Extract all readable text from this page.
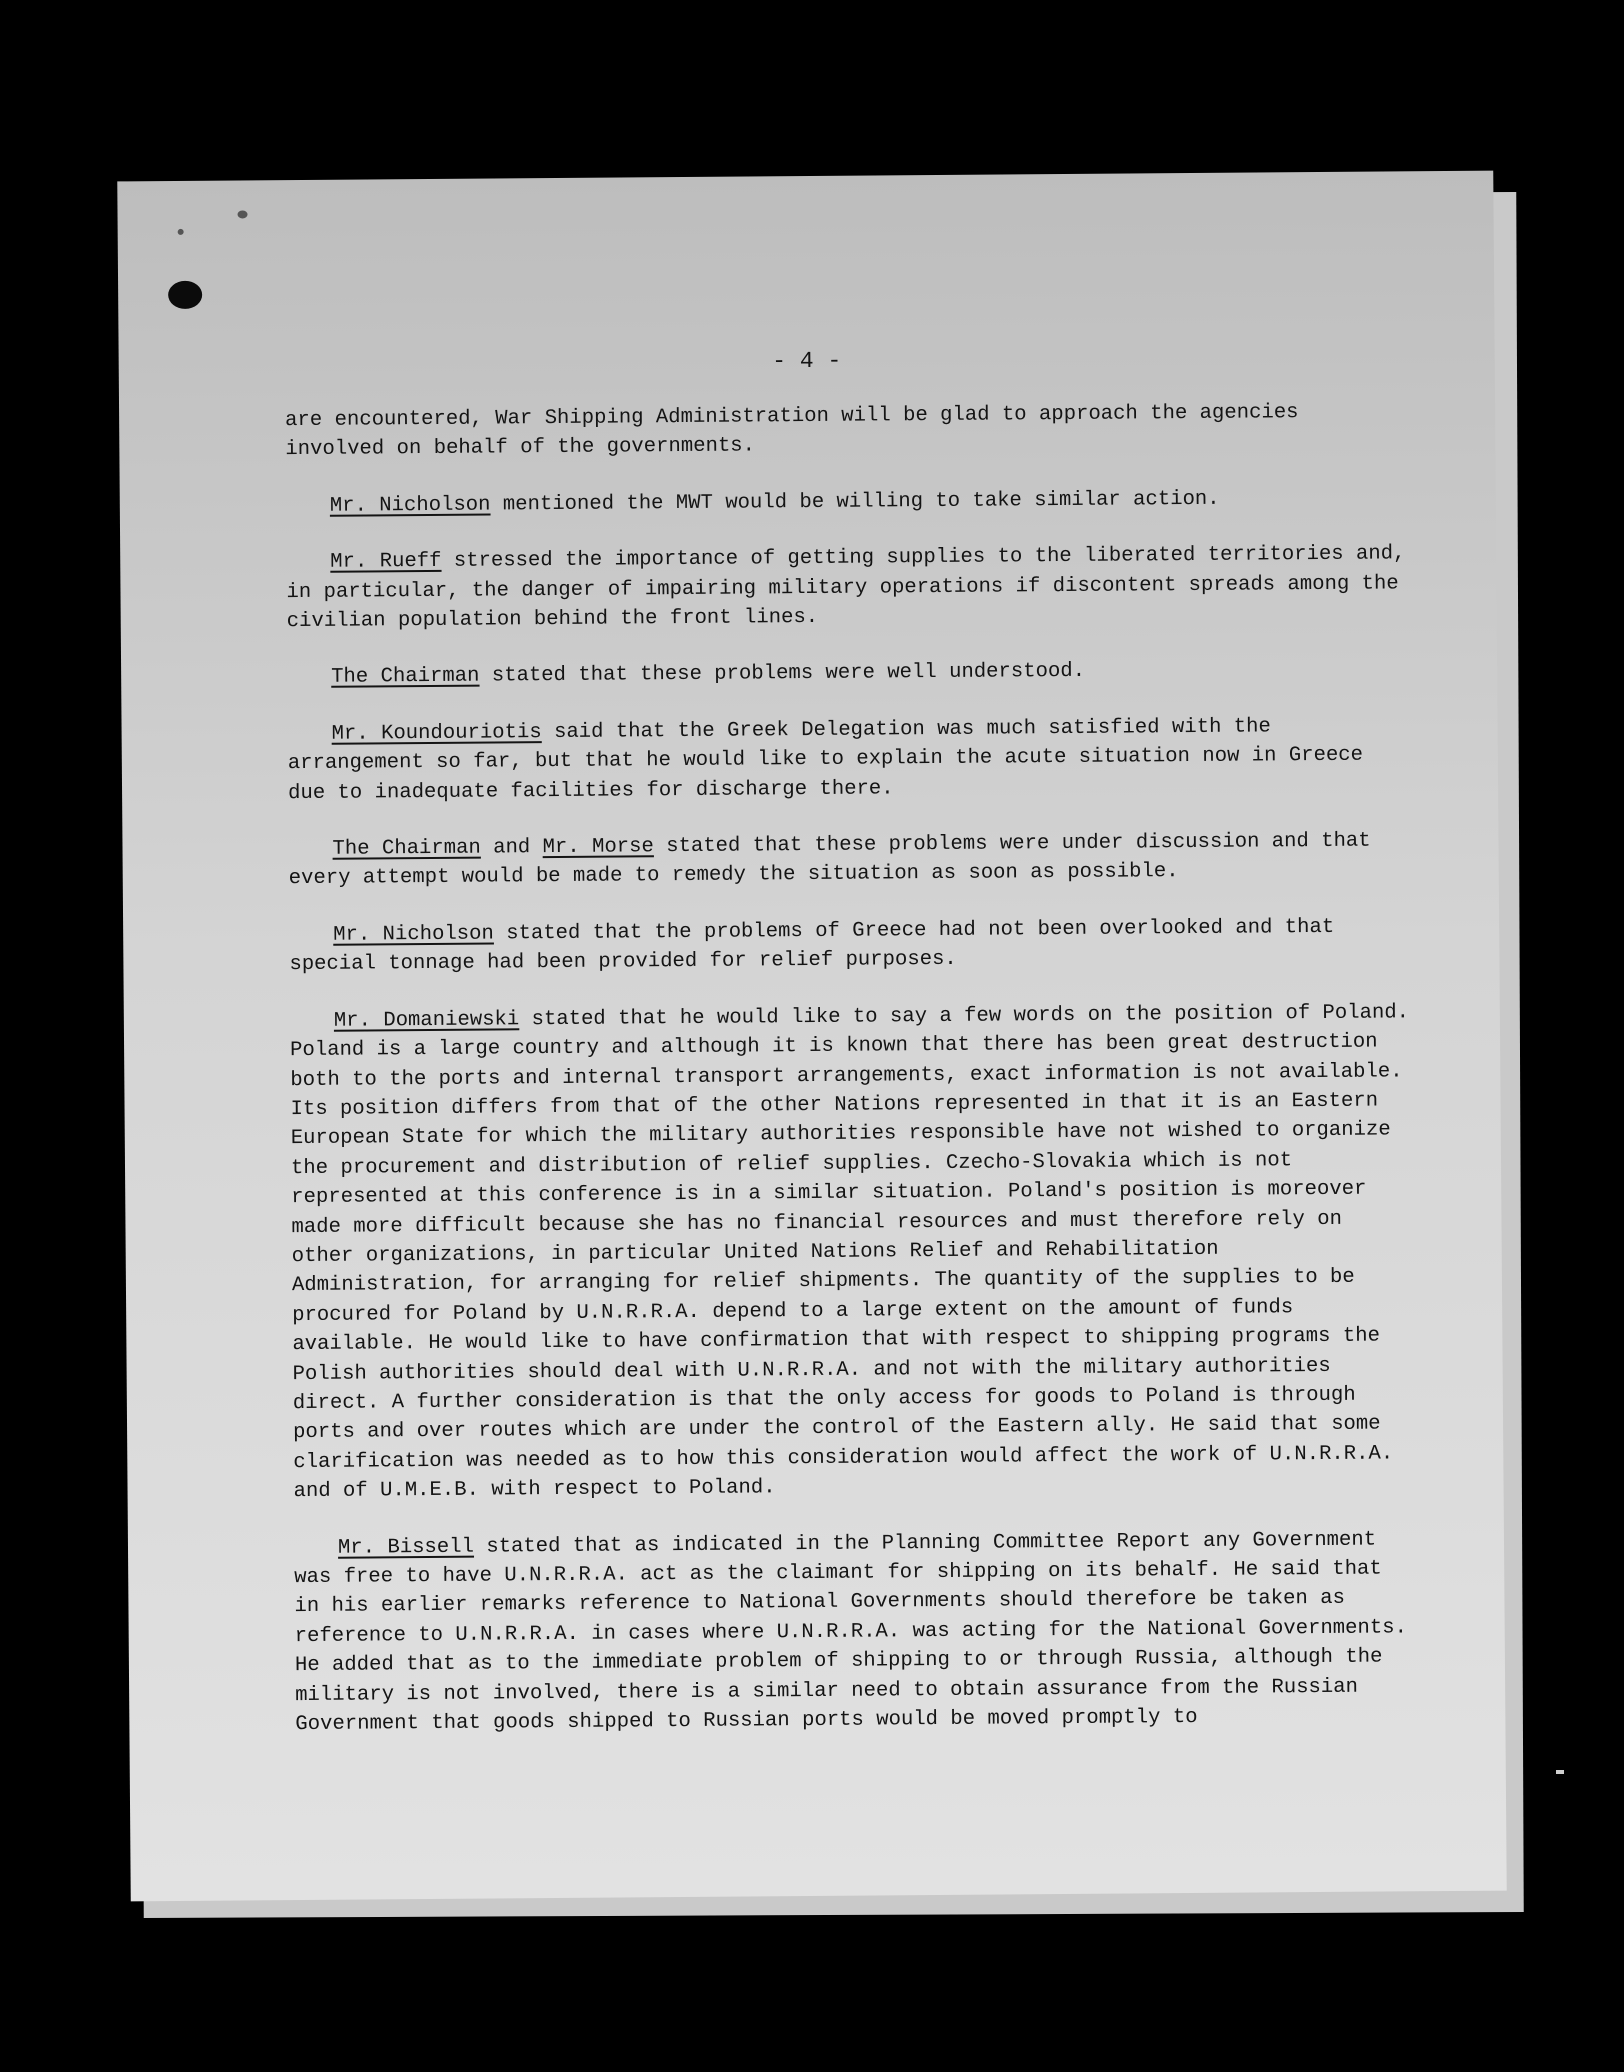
- 4 -

are encountered, War Shipping Administration will be glad to approach the agencies involved on behalf of the governments.

Mr. Nicholson mentioned the MWT would be willing to take similar action.

Mr. Rueff stressed the importance of getting supplies to the liberated territories and, in particular, the danger of impairing military operations if discontent spreads among the civilian population behind the front lines.

The Chairman stated that these problems were well understood.

Mr. Koundouriotis said that the Greek Delegation was much satisfied with the arrangement so far, but that he would like to explain the acute situation now in Greece due to inadequate facilities for discharge there.

The Chairman and Mr. Morse stated that these problems were under discussion and that every attempt would be made to remedy the situation as soon as possible.

Mr. Nicholson stated that the problems of Greece had not been overlooked and that special tonnage had been provided for relief purposes.

Mr. Domaniewski stated that he would like to say a few words on the position of Poland. Poland is a large country and although it is known that there has been great destruction both to the ports and internal transport arrangements, exact information is not available. Its position differs from that of the other Nations represented in that it is an Eastern European State for which the military authorities responsible have not wished to organize the procurement and distribution of relief supplies. Czecho-Slovakia which is not represented at this conference is in a similar situation. Poland's position is moreover made more difficult because she has no financial resources and must therefore rely on other organizations, in particular United Nations Relief and Rehabilitation Administration, for arranging for relief shipments. The quantity of the supplies to be procured for Poland by U.N.R.R.A. depend to a large extent on the amount of funds available. He would like to have confirmation that with respect to shipping programs the Polish authorities should deal with U.N.R.R.A. and not with the military authorities direct. A further consideration is that the only access for goods to Poland is through ports and over routes which are under the control of the Eastern ally. He said that some clarification was needed as to how this consideration would affect the work of U.N.R.R.A. and of U.M.E.B. with respect to Poland.

Mr. Bissell stated that as indicated in the Planning Committee Report any Government was free to have U.N.R.R.A. act as the claimant for shipping on its behalf. He said that in his earlier remarks reference to National Governments should therefore be taken as reference to U.N.R.R.A. in cases where U.N.R.R.A. was acting for the National Governments. He added that as to the immediate problem of shipping to or through Russia, although the military is not involved, there is a similar need to obtain assurance from the Russian Government that goods shipped to Russian ports would be moved promptly to
